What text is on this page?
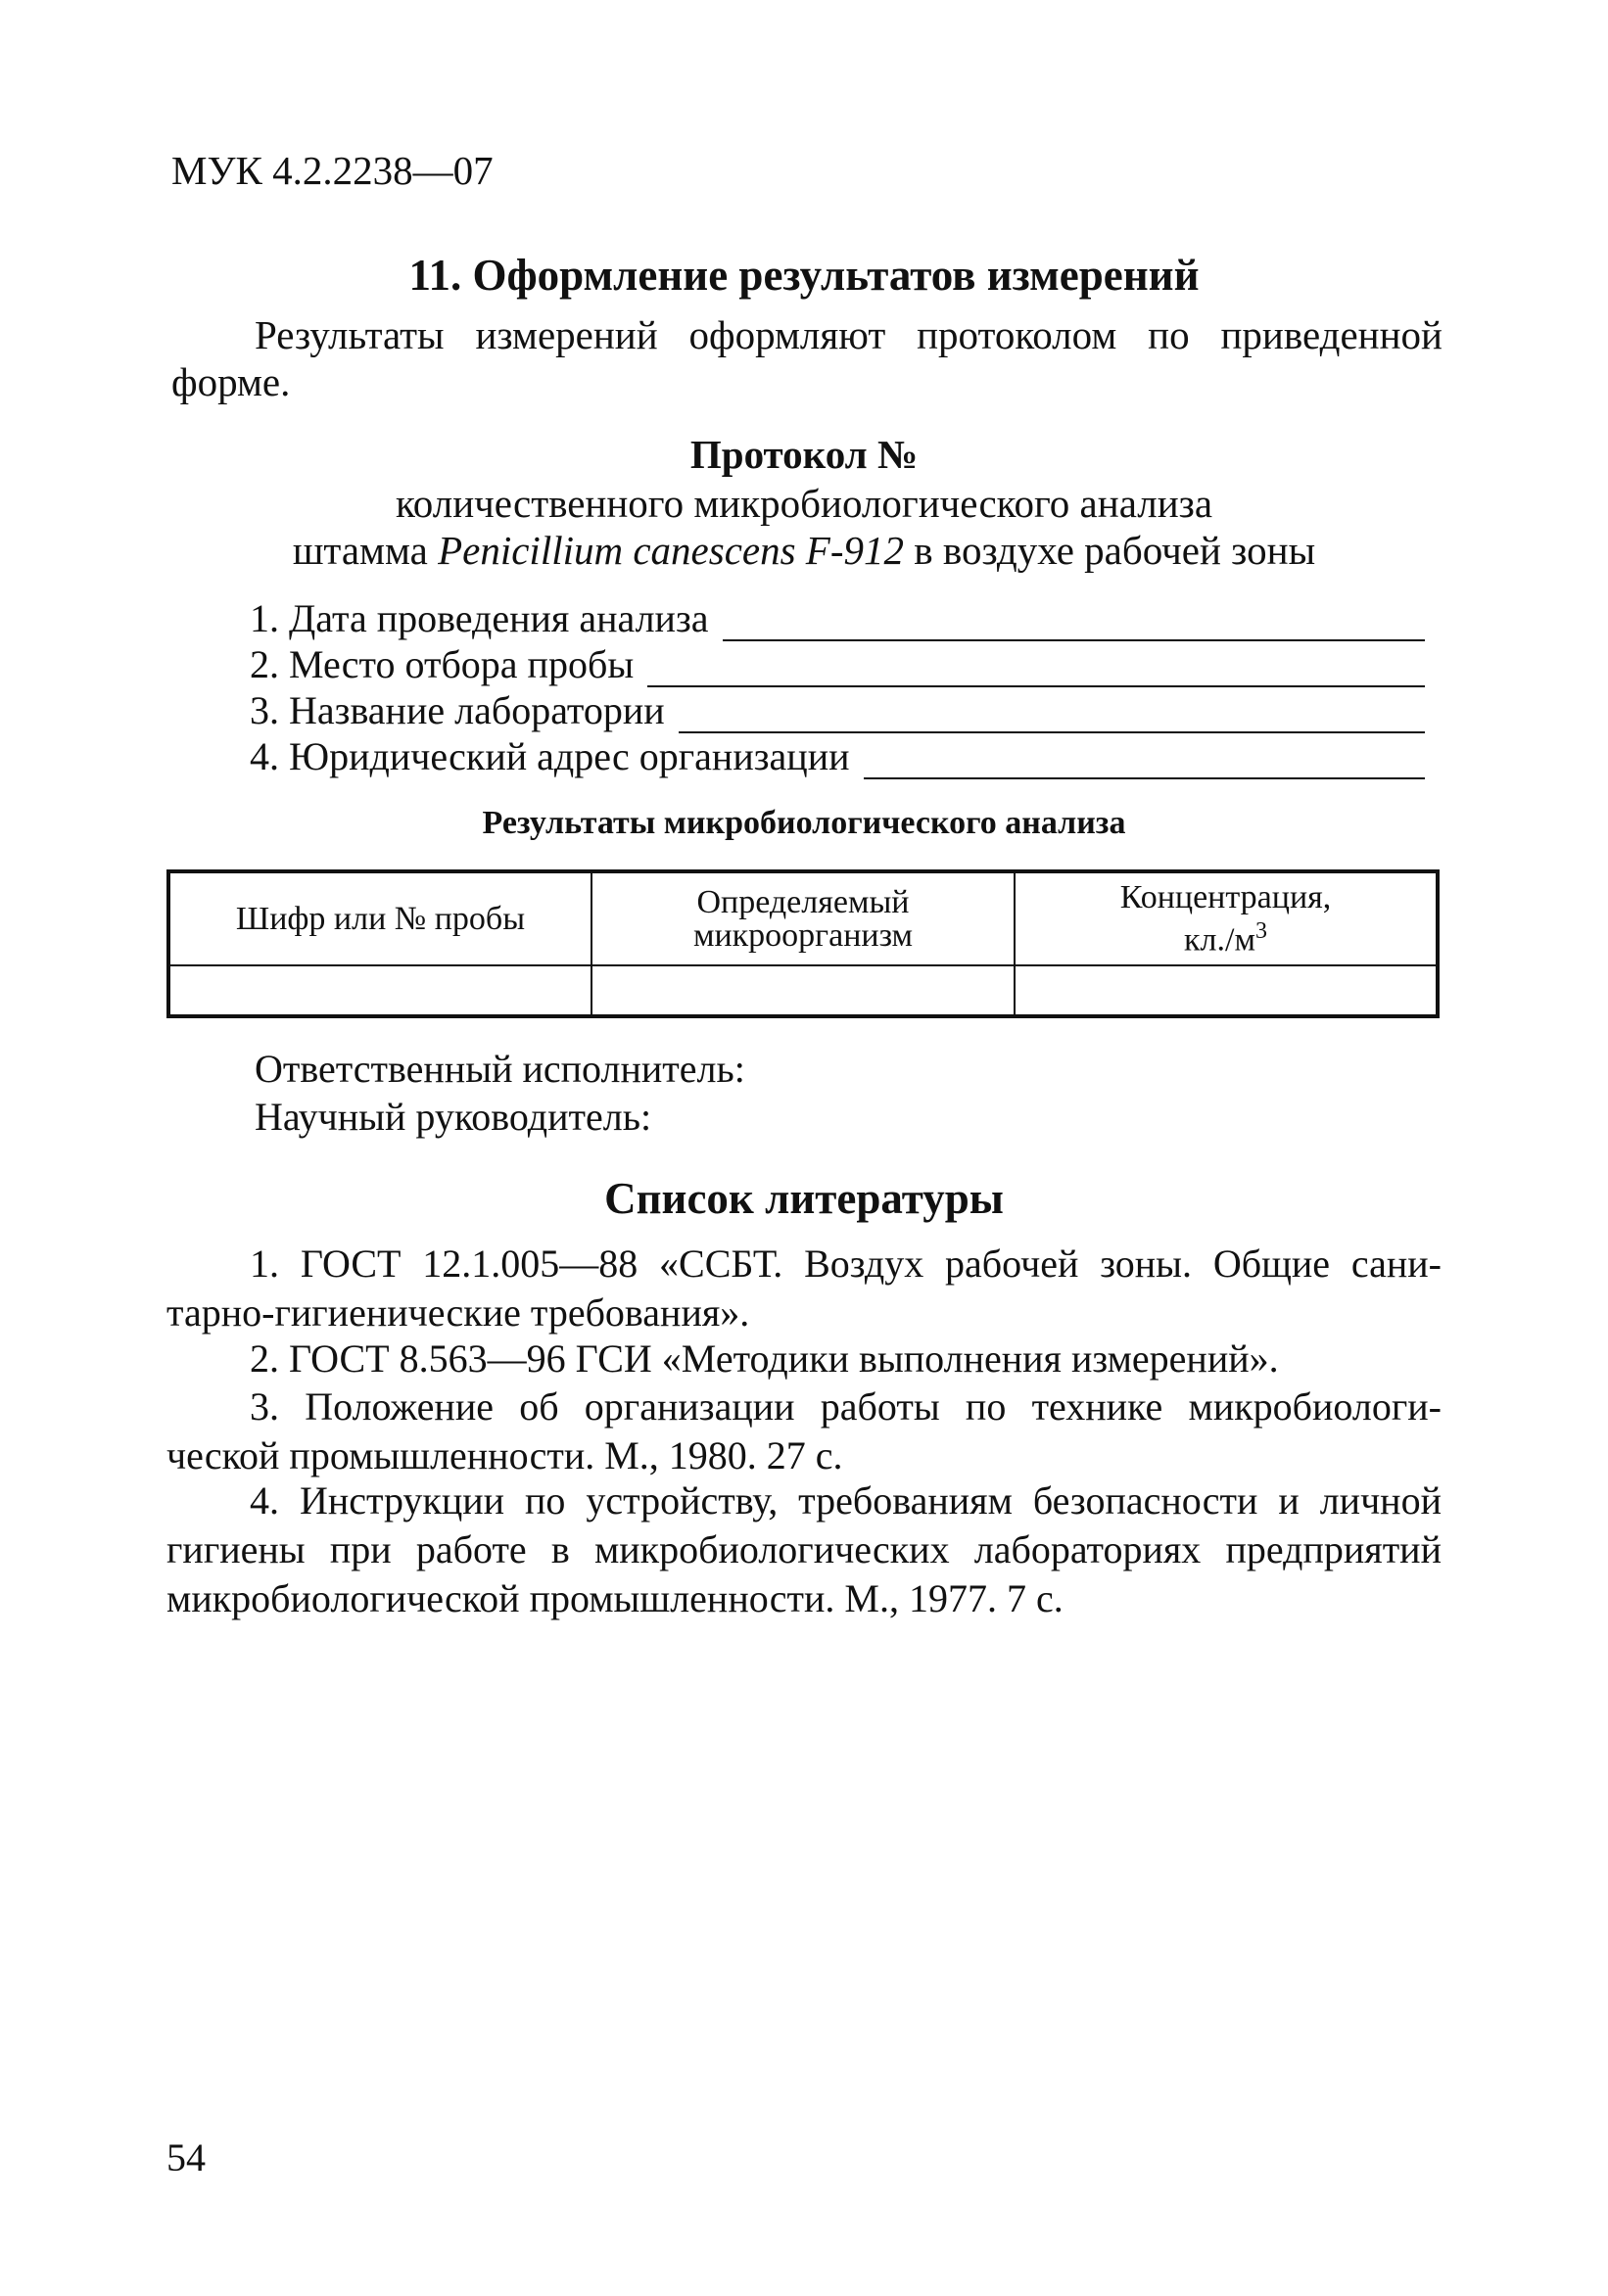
МУК 4.2.2238—07
11. Оформление результатов измерений
Результаты измерений оформляют протоколом по приведенной
форме.
Протокол №
количественного микробиологического анализа
штамма Penicillium canescens F-912 в воздухе рабочей зоны
1. Дата проведения анализа
2. Место отбора пробы
3. Название лаборатории
4. Юридический адрес организации
Результаты микробиологического анализа
Шифр или № пробы	Определяемый микроорганизм	Концентрация, $кл./м^3$

Ответственный исполнитель:
Научный руководитель:
Список литературы
1. ГОСТ 12.1.005—88 «ССБТ. Воздух рабочей зоны. Общие сани-
тарно-гигиенические требования».
2. ГОСТ 8.563—96 ГСИ «Методики выполнения измерений».
3. Положение об организации работы по технике микробиологи-
ческой промышленности. М., 1980. 27 с.
4. Инструкции по устройству, требованиям безопасности и личной
гигиены при работе в микробиологических лабораториях предприятий
микробиологической промышленности. М., 1977. 7 с.
54
